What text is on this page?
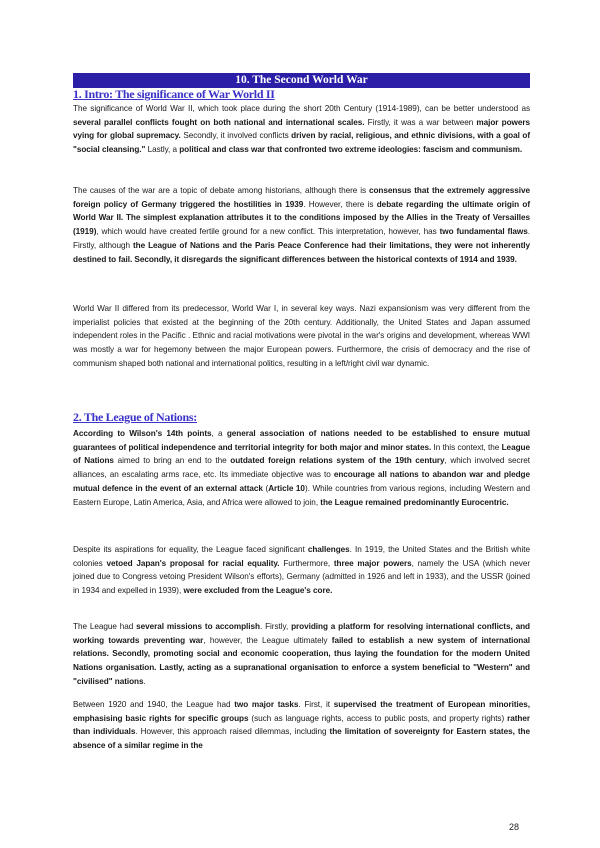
10. The Second World War
1. Intro: The significance of War World II
The significance of World War II, which took place during the short 20th Century (1914-1989), can be better understood as several parallel conflicts fought on both national and international scales. Firstly, it was a war between major powers vying for global supremacy. Secondly, it involved conflicts driven by racial, religious, and ethnic divisions, with a goal of "social cleansing." Lastly, a political and class war that confronted two extreme ideologies: fascism and communism.
The causes of the war are a topic of debate among historians, although there is consensus that the extremely aggressive foreign policy of Germany triggered the hostilities in 1939. However, there is debate regarding the ultimate origin of World War II. The simplest explanation attributes it to the conditions imposed by the Allies in the Treaty of Versailles (1919), which would have created fertile ground for a new conflict. This interpretation, however, has two fundamental flaws. Firstly, although the League of Nations and the Paris Peace Conference had their limitations, they were not inherently destined to fail. Secondly, it disregards the significant differences between the historical contexts of 1914 and 1939.
World War II differed from its predecessor, World War I, in several key ways. Nazi expansionism was very different from the imperialist policies that existed at the beginning of the 20th century. Additionally, the United States and Japan assumed independent roles in the Pacific . Ethnic and racial motivations were pivotal in the war's origins and development, whereas WWI was mostly a war for hegemony between the major European powers. Furthermore, the crisis of democracy and the rise of communism shaped both national and international politics, resulting in a left/right civil war dynamic.
2. The League of Nations:
According to Wilson's 14th points, a general association of nations needed to be established to ensure mutual guarantees of political independence and territorial integrity for both major and minor states. In this context, the League of Nations aimed to bring an end to the outdated foreign relations system of the 19th century, which involved secret alliances, an escalating arms race, etc. Its immediate objective was to encourage all nations to abandon war and pledge mutual defence in the event of an external attack (Article 10). While countries from various regions, including Western and Eastern Europe, Latin America, Asia, and Africa were allowed to join, the League remained predominantly Eurocentric.
Despite its aspirations for equality, the League faced significant challenges. In 1919, the United States and the British white colonies vetoed Japan's proposal for racial equality. Furthermore, three major powers, namely the USA (which never joined due to Congress vetoing President Wilson's efforts), Germany (admitted in 1926 and left in 1933), and the USSR (joined in 1934 and expelled in 1939), were excluded from the League's core.
The League had several missions to accomplish. Firstly, providing a platform for resolving international conflicts, and working towards preventing war, however, the League ultimately failed to establish a new system of international relations. Secondly, promoting social and economic cooperation, thus laying the foundation for the modern United Nations organisation. Lastly, acting as a supranational organisation to enforce a system beneficial to "Western" and "civilised" nations.
Between 1920 and 1940, the League had two major tasks. First, it supervised the treatment of European minorities, emphasising basic rights for specific groups (such as language rights, access to public posts, and property rights) rather than individuals. However, this approach raised dilemmas, including the limitation of sovereignty for Eastern states, the absence of a similar regime in the
28
